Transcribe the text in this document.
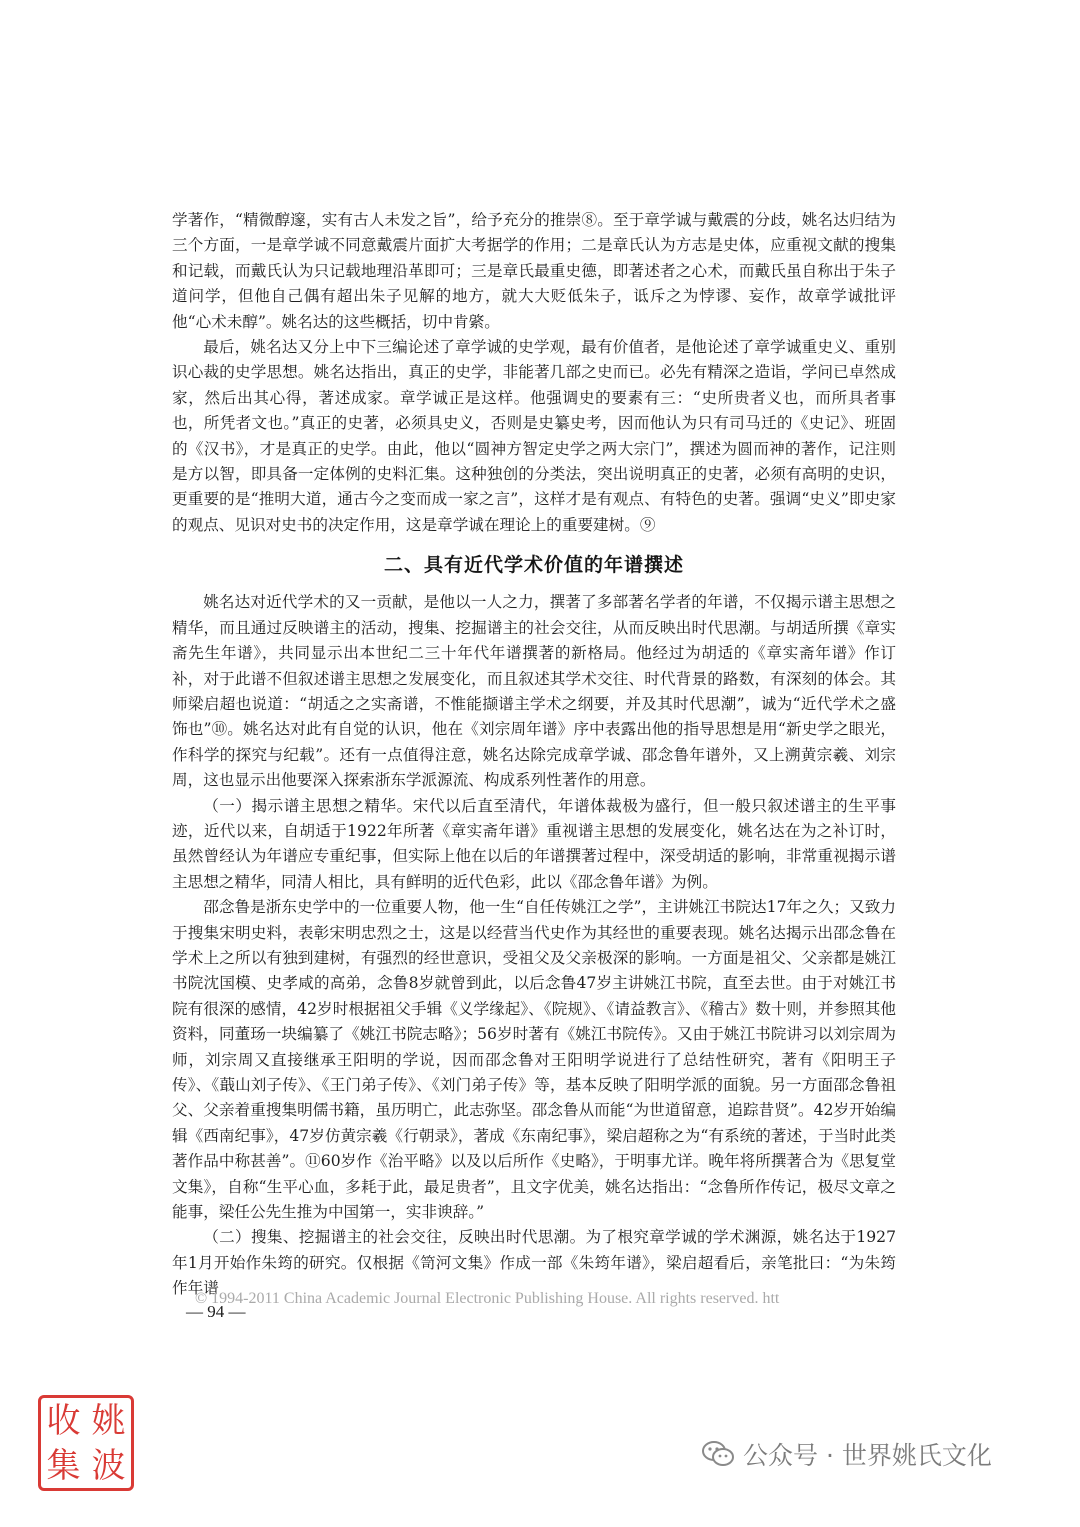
学著作，“精微醇邃，实有古人未发之旨”，给予充分的推崇⑧。至于章学诚与戴震的分歧，姚名达归结为三个方面，一是章学诚不同意戴震片面扩大考据学的作用；二是章氏认为方志是史体，应重视文献的搜集和记载，而戴氏认为只记载地理沿革即可；三是章氏最重史德，即著述者之心术，而戴氏虽自称出于朱子道问学，但他自己偶有超出朱子见解的地方，就大大贬低朱子，诋斥之为悖谬、妄作，故章学诚批评他“心术未醇”。姚名达的这些概括，切中肯綮。

最后，姚名达又分上中下三编论述了章学诚的史学观，最有价值者，是他论述了章学诚重史义、重别识心裁的史学思想。姚名达指出，真正的史学，非能著几部之史而已。必先有精深之造诣，学问已卓然成家，然后出其心得，著述成家。章学诚正是这样。他强调史的要素有三：“史所贵者义也，而所具者事也，所凭者文也。”真正的史著，必须具史义，否则是史纂史考，因而他认为只有司马迁的《史记》、班固的《汉书》，才是真正的史学。由此，他以“圆神方智定史学之两大宗门”，撰述为圆而神的著作，记注则是方以智，即具备一定体例的史料汇集。这种独创的分类法，突出说明真正的史著，必须有高明的史识，更重要的是“推明大道，通古今之变而成一家之言”，这样才是有观点、有特色的史著。强调“史义”即史家的观点、见识对史书的决定作用，这是章学诚在理论上的重要建树。⑨

二、具有近代学术价值的年谱撰述

姚名达对近代学术的又一贡献，是他以一人之力，撰著了多部著名学者的年谱，不仅揭示谱主思想之精华，而且通过反映谱主的活动，搜集、挖掘谱主的社会交往，从而反映出时代思潮。与胡适所撰《章实斋先生年谱》，共同显示出本世纪二三十年代年谱撰著的新格局。他经过为胡适的《章实斋年谱》作订补，对于此谱不但叙述谱主思想之发展变化，而且叙述其学术交往、时代背景的路数，有深刻的体会。其师梁启超也说道：“胡适之之实斋谱，不惟能撷谱主学术之纲要，并及其时代思潮”，诚为“近代学术之盛饰也”⑩。姚名达对此有自觉的认识，他在《刘宗周年谱》序中表露出他的指导思想是用“新史学之眼光，作科学的探究与纪载”。还有一点值得注意，姚名达除完成章学诚、邵念鲁年谱外，又上溯黄宗羲、刘宗周，这也显示出他要深入探索浙东学派源流、构成系列性著作的用意。

（一）揭示谱主思想之精华。宋代以后直至清代，年谱体裁极为盛行，但一般只叙述谱主的生平事迹，近代以来，自胡适于1922年所著《章实斋年谱》重视谱主思想的发展变化，姚名达在为之补订时，虽然曾经认为年谱应专重纪事，但实际上他在以后的年谱撰著过程中，深受胡适的影响，非常重视揭示谱主思想之精华，同清人相比，具有鲜明的近代色彩，此以《邵念鲁年谱》为例。

邵念鲁是浙东史学中的一位重要人物，他一生“自任传姚江之学”，主讲姚江书院达17年之久；又致力于搜集宋明史料，表彰宋明忠烈之士，这是以经营当代史作为其经世的重要表现。姚名达揭示出邵念鲁在学术上之所以有独到建树，有强烈的经世意识，受祖父及父亲极深的影响。一方面是祖父、父亲都是姚江书院沈国模、史孝咸的高弟，念鲁8岁就曾到此，以后念鲁47岁主讲姚江书院，直至去世。由于对姚江书院有很深的感情，42岁时根据祖父手辑《义学缘起》、《院规》、《请益教言》、《稽古》数十则，并参照其他资料，同董玚一块编纂了《姚江书院志略》；56岁时著有《姚江书院传》。又由于姚江书院讲习以刘宗周为师，刘宗周又直接继承王阳明的学说，因而邵念鲁对王阳明学说进行了总结性研究，著有《阳明王子传》、《蕺山刘子传》、《王门弟子传》、《刘门弟子传》等，基本反映了阳明学派的面貌。另一方面邵念鲁祖父、父亲着重搜集明儒书籍，虽历明亡，此志弥坚。邵念鲁从而能“为世道留意，追踪昔贤”。42岁开始编辑《西南纪事》，47岁仿黄宗羲《行朝录》，著成《东南纪事》，梁启超称之为“有系统的著述，于当时此类著作品中称甚善”。⑪60岁作《治平略》以及以后所作《史略》，于明事尤详。晚年将所撰著合为《思复堂文集》，自称“生平心血，多耗于此，最足贵者”，且文字优美，姚名达指出：“念鲁所作传记，极尽文章之能事，梁任公先生推为中国第一，实非谀辞。”

（二）搜集、挖掘谱主的社会交往，反映出时代思潮。为了根究章学诚的学术渊源，姚名达于1927年1月开始作朱筠的研究。仅根据《笥河文集》作成一部《朱筠年谱》，梁启超看后，亲笔批曰：“为朱筠作年谱

© 1994-2011 China Academic Journal Electronic Publishing House. All rights reserved. htt
— 94 —
收 姚
集 波	公众号 · 世界姚氏文化
